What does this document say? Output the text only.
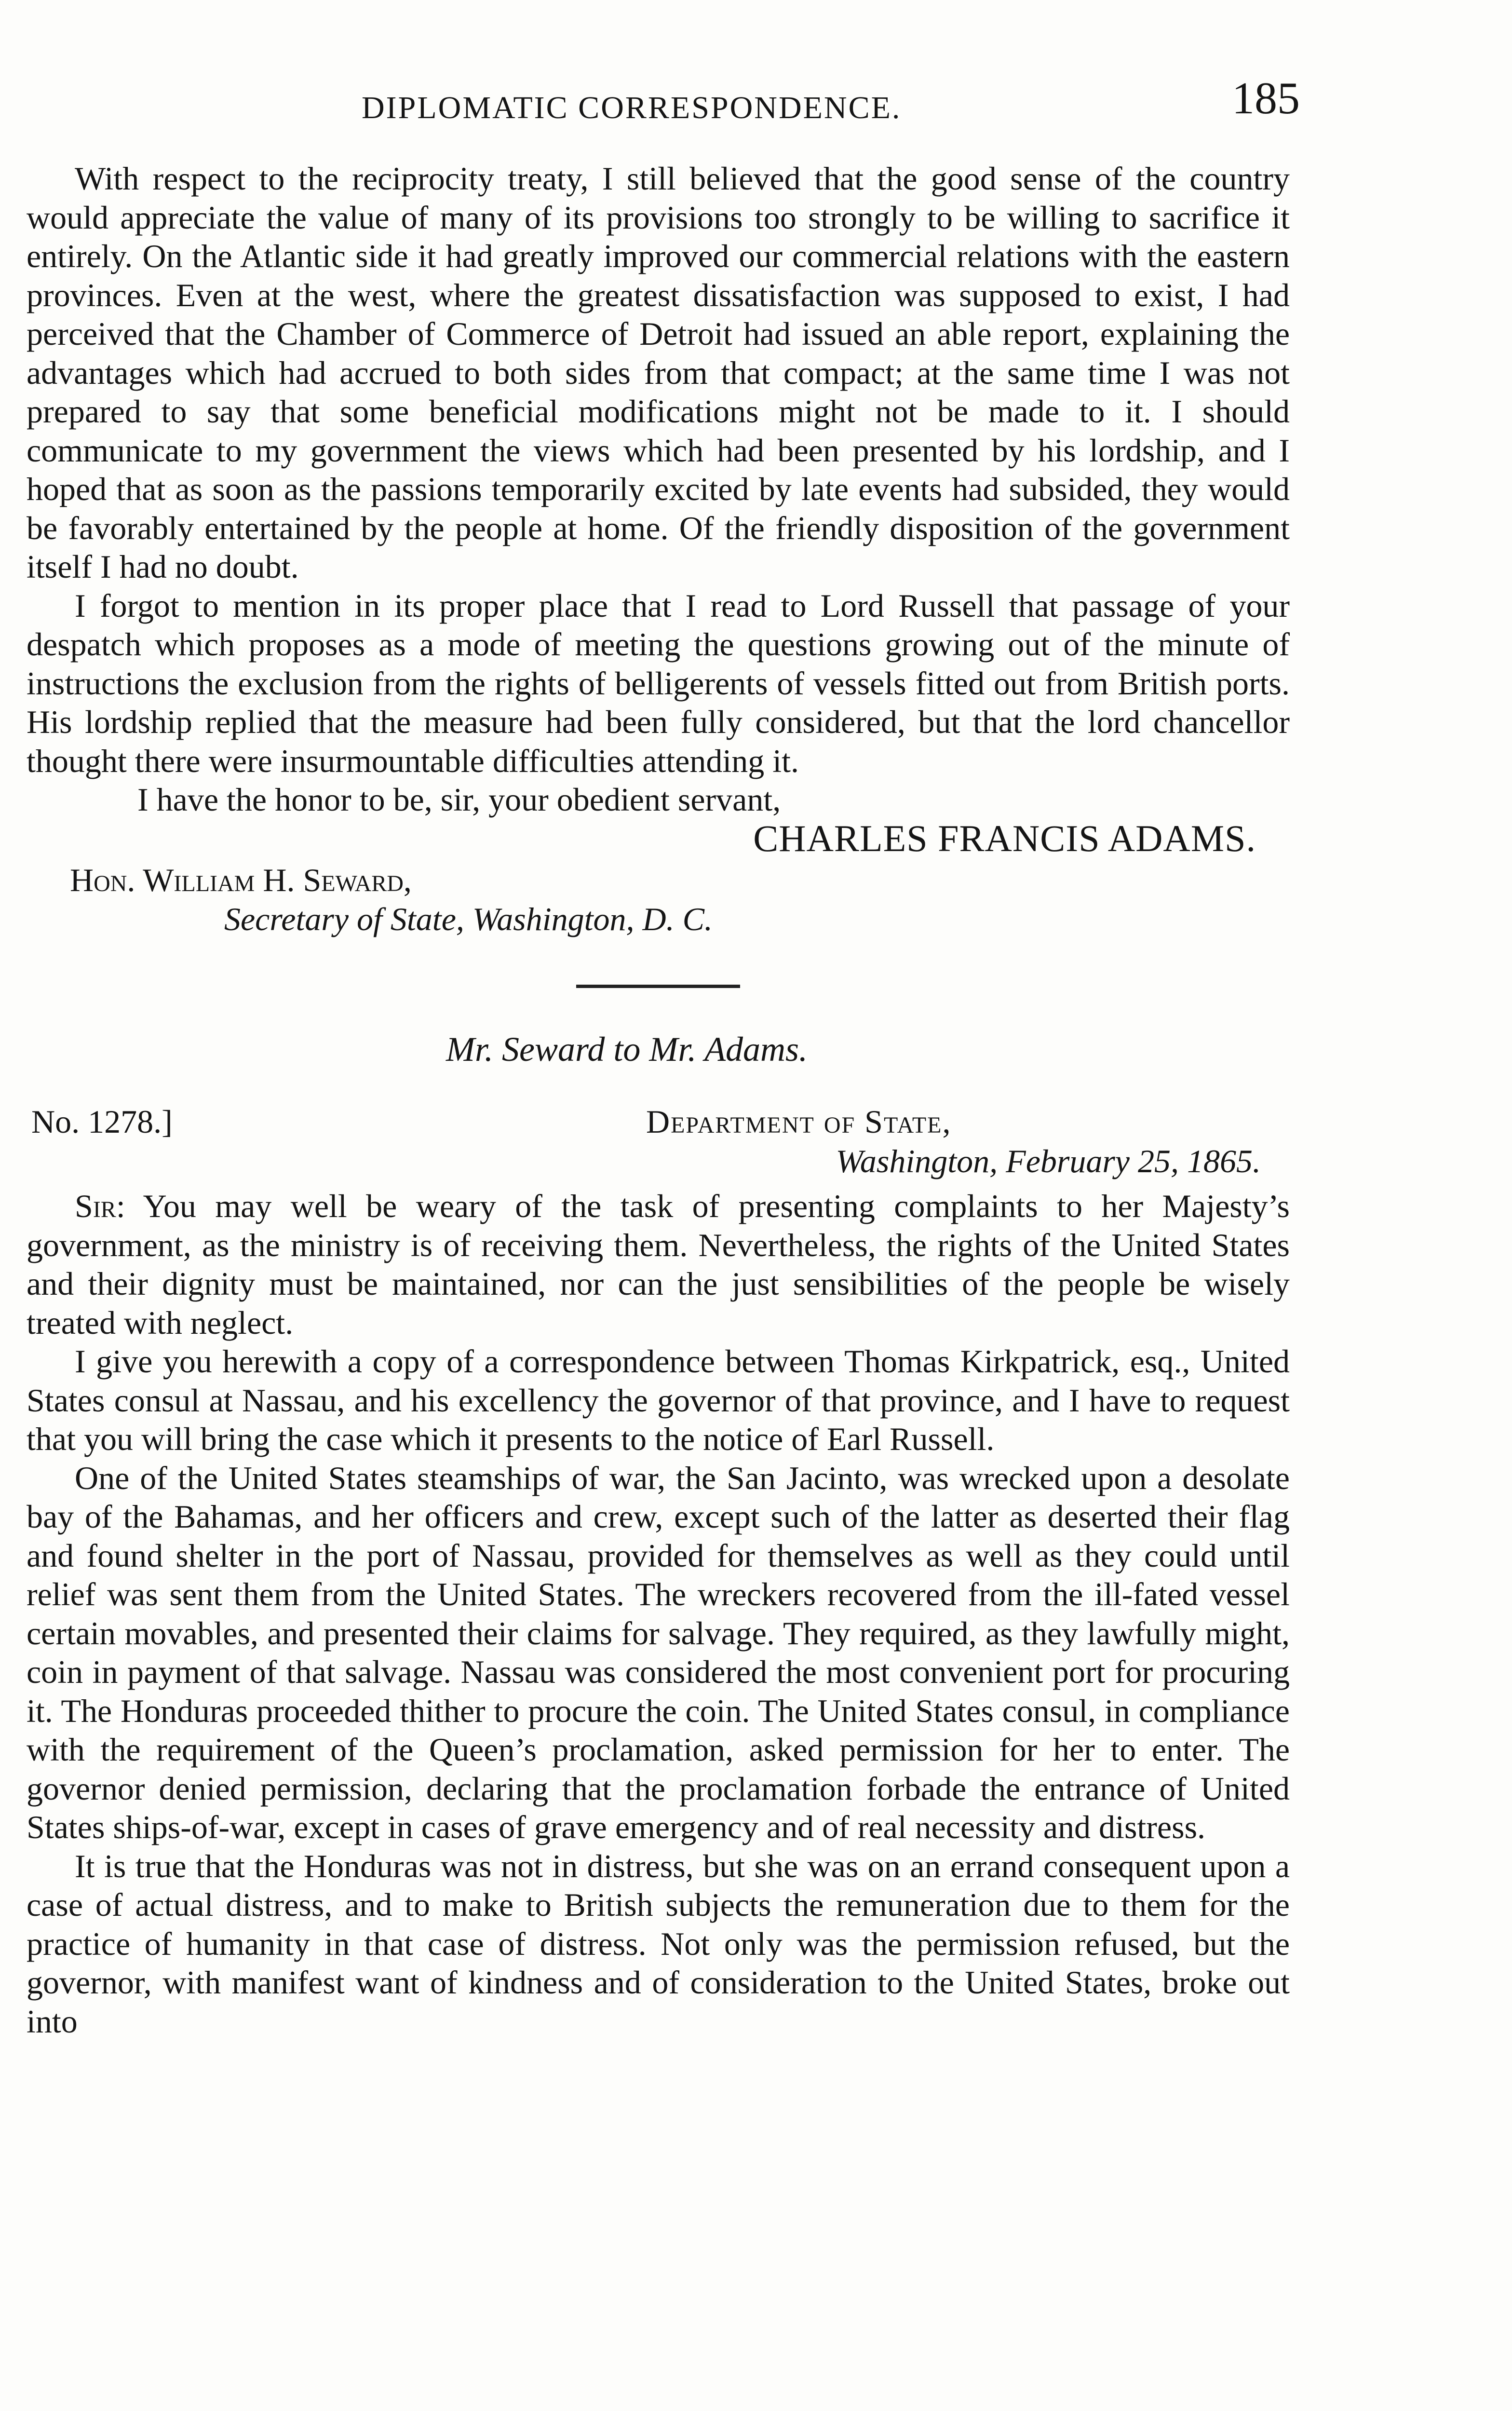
DIPLOMATIC CORRESPONDENCE.	185

With respect to the reciprocity treaty, I still believed that the good sense of the country would appreciate the value of many of its provisions too strongly to be willing to sacrifice it entirely. On the Atlantic side it had greatly improved our commercial relations with the eastern provinces. Even at the west, where the greatest dissatisfaction was supposed to exist, I had perceived that the Chamber of Commerce of Detroit had issued an able report, explaining the advantages which had accrued to both sides from that compact; at the same time I was not prepared to say that some beneficial modifications might not be made to it. I should communicate to my government the views which had been presented by his lordship, and I hoped that as soon as the passions temporarily excited by late events had subsided, they would be favorably entertained by the people at home. Of the friendly disposition of the government itself I had no doubt.

I forgot to mention in its proper place that I read to Lord Russell that passage of your despatch which proposes as a mode of meeting the questions growing out of the minute of instructions the exclusion from the rights of belligerents of vessels fitted out from British ports. His lordship replied that the measure had been fully considered, but that the lord chancellor thought there were insurmountable difficulties attending it.

I have the honor to be, sir, your obedient servant,

CHARLES FRANCIS ADAMS.

Hon. William H. Seward,

Secretary of State, Washington, D. C.

Mr. Seward to Mr. Adams.

No. 1278.]	Department of State,
Washington, February 25, 1865.

Sir: You may well be weary of the task of presenting complaints to her Majesty’s government, as the ministry is of receiving them. Nevertheless, the rights of the United States and their dignity must be maintained, nor can the just sensibilities of the people be wisely treated with neglect.

I give you herewith a copy of a correspondence between Thomas Kirkpatrick, esq., United States consul at Nassau, and his excellency the governor of that province, and I have to request that you will bring the case which it presents to the notice of Earl Russell.

One of the United States steamships of war, the San Jacinto, was wrecked upon a desolate bay of the Bahamas, and her officers and crew, except such of the latter as deserted their flag and found shelter in the port of Nassau, provided for themselves as well as they could until relief was sent them from the United States. The wreckers recovered from the ill-fated vessel certain movables, and presented their claims for salvage. They required, as they lawfully might, coin in payment of that salvage. Nassau was considered the most convenient port for procuring it. The Honduras proceeded thither to procure the coin. The United States consul, in compliance with the requirement of the Queen’s proclamation, asked permission for her to enter. The governor denied permission, declaring that the proclamation forbade the entrance of United States ships-of-war, except in cases of grave emergency and of real necessity and distress.

It is true that the Honduras was not in distress, but she was on an errand consequent upon a case of actual distress, and to make to British subjects the remuneration due to them for the practice of humanity in that case of distress. Not only was the permission refused, but the governor, with manifest want of kindness and of consideration to the United States, broke out into
